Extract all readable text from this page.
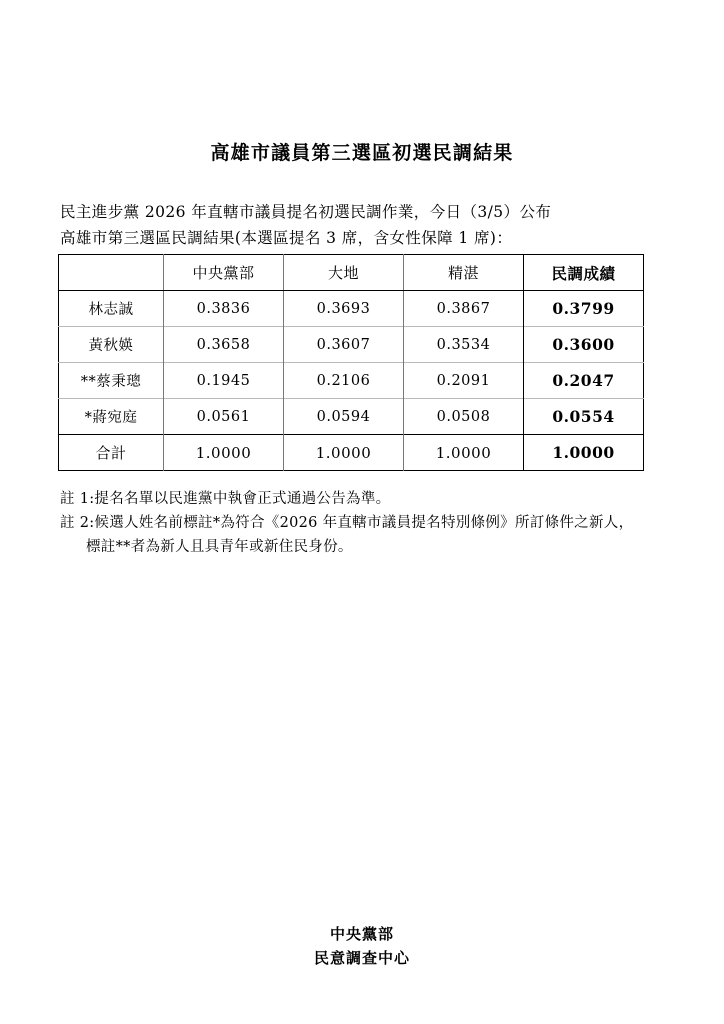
高雄市議員第三選區初選民調結果
民主進步黨 2026 年直轄市議員提名初選民調作業，今日（3/5）公布
高雄市第三選區民調結果(本選區提名 3 席，含女性保障 1 席)：
	中央黨部	大地	精湛	民調成績
林志誠	0.3836	0.3693	0.3867	0.3799
黃秋媖	0.3658	0.3607	0.3534	0.3600
**蔡秉璁	0.1945	0.2106	0.2091	0.2047
*蔣宛庭	0.0561	0.0594	0.0508	0.0554
合計	1.0000	1.0000	1.0000	1.0000
註 1:提名名單以民進黨中執會正式通過公告為準。
註 2:候選人姓名前標註*為符合《2026 年直轄市議員提名特別條例》所訂條件之新人，
標註**者為新人且具青年或新住民身份。
中央黨部
民意調查中心
